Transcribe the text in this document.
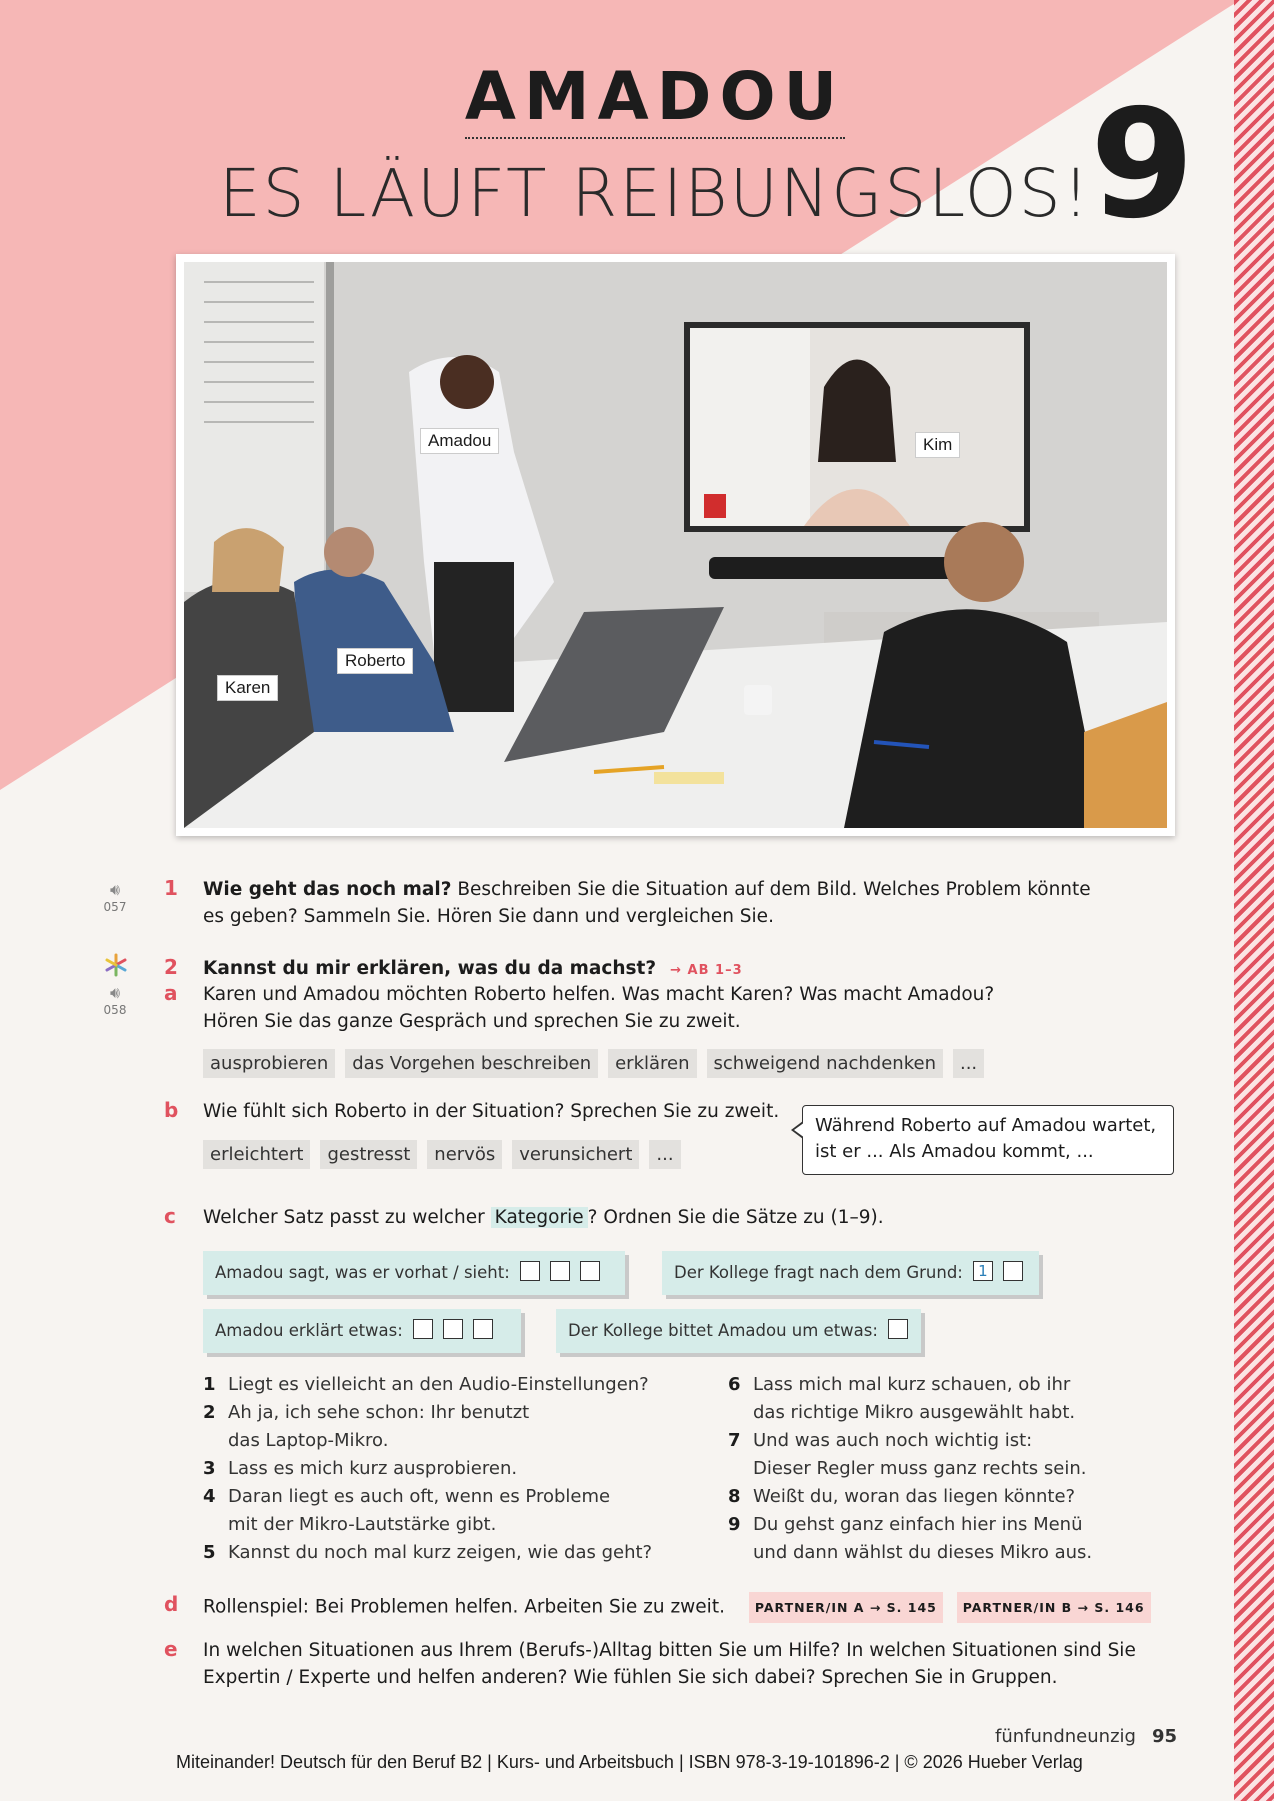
AMADOU
ES LÄUFT REIBUNGSLOS!
9
Amadou	Kim
Roberto
Karen
🔊︎
057
1 Wie geht das noch mal? Beschreiben Sie die Situation auf dem Bild. Welches Problem könnte
es geben? Sammeln Sie. Hören Sie dann und vergleichen Sie.
2 Kannst du mir erklären, was du da machst? → AB 1–3
🔊︎
058
a Karen und Amadou möchten Roberto helfen. Was macht Karen? Was macht Amadou?
Hören Sie das ganze Gespräch und sprechen Sie zu zweit.
ausprobieren	das Vorgehen beschreiben	erklären	schweigend nachdenken	...
b Wie fühlt sich Roberto in der Situation? Sprechen Sie zu zweit.
erleichtert	gestresst	nervös	verunsichert	...
Während Roberto auf Amadou wartet,
ist er ... Als Amadou kommt, ...
c Welcher Satz passt zu welcher Kategorie ? Ordnen Sie die Sätze zu (1–9).
Amadou sagt, was er vorhat / sieht:	Der Kollege fragt nach dem Grund: 1
Amadou erklärt etwas:	Der Kollege bittet Amadou um etwas:
1 Liegt es vielleicht an den Audio-Einstellungen?
2 Ah ja, ich sehe schon: Ihr benutzt
das Laptop-Mikro.
3 Lass es mich kurz ausprobieren.
4 Daran liegt es auch oft, wenn es Probleme
mit der Mikro-Lautstärke gibt.
5 Kannst du noch mal kurz zeigen, wie das geht?
6 Lass mich mal kurz schauen, ob ihr
das richtige Mikro ausgewählt habt.
7 Und was auch noch wichtig ist:
Dieser Regler muss ganz rechts sein.
8 Weißt du, woran das liegen könnte?
9 Du gehst ganz einfach hier ins Menü
und dann wählst du dieses Mikro aus.
d Rollenspiel: Bei Problemen helfen. Arbeiten Sie zu zweit. PARTNER/IN A → S. 145 PARTNER/IN B → S. 146
e In welchen Situationen aus Ihrem (Berufs-)Alltag bitten Sie um Hilfe? In welchen Situationen sind Sie
Expertin / Experte und helfen anderen? Wie fühlen Sie sich dabei? Sprechen Sie in Gruppen.
fünfundneunzig 95
Miteinander! Deutsch für den Beruf B2 | Kurs- und Arbeitsbuch | ISBN 978-3-19-101896-2 | © 2026 Hueber Verlag
